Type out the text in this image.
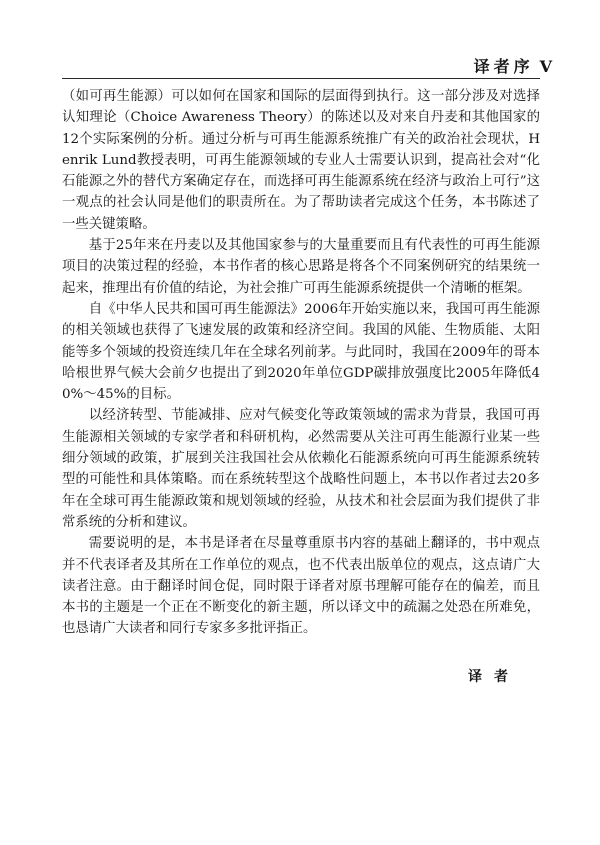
译者序 V

（如可再生能源）可以如何在国家和国际的层面得到执行。这一部分涉及对选择认知理论（Choice Awareness Theory）的陈述以及对来自丹麦和其他国家的12个实际案例的分析。通过分析与可再生能源系统推广有关的政治社会现状，Henrik Lund教授表明，可再生能源领域的专业人士需要认识到，提高社会对“化石能源之外的替代方案确定存在，而选择可再生能源系统在经济与政治上可行”这一观点的社会认同是他们的职责所在。为了帮助读者完成这个任务，本书陈述了一些关键策略。

基于25年来在丹麦以及其他国家参与的大量重要而且有代表性的可再生能源项目的决策过程的经验，本书作者的核心思路是将各个不同案例研究的结果统一起来，推理出有价值的结论，为社会推广可再生能源系统提供一个清晰的框架。

自《中华人民共和国可再生能源法》2006年开始实施以来，我国可再生能源的相关领域也获得了飞速发展的政策和经济空间。我国的风能、生物质能、太阳能等多个领域的投资连续几年在全球名列前茅。与此同时，我国在2009年的哥本哈根世界气候大会前夕也提出了到2020年单位GDP碳排放强度比2005年降低40%～45%的目标。

以经济转型、节能减排、应对气候变化等政策领域的需求为背景，我国可再生能源相关领域的专家学者和科研机构，必然需要从关注可再生能源行业某一些细分领域的政策，扩展到关注我国社会从依赖化石能源系统向可再生能源系统转型的可能性和具体策略。而在系统转型这个战略性问题上，本书以作者过去20多年在全球可再生能源政策和规划领域的经验，从技术和社会层面为我们提供了非常系统的分析和建议。

需要说明的是，本书是译者在尽量尊重原书内容的基础上翻译的，书中观点并不代表译者及其所在工作单位的观点，也不代表出版单位的观点，这点请广大读者注意。由于翻译时间仓促，同时限于译者对原书理解可能存在的偏差，而且本书的主题是一个正在不断变化的新主题，所以译文中的疏漏之处恐在所难免，也恳请广大读者和同行专家多多批评指正。

译者
